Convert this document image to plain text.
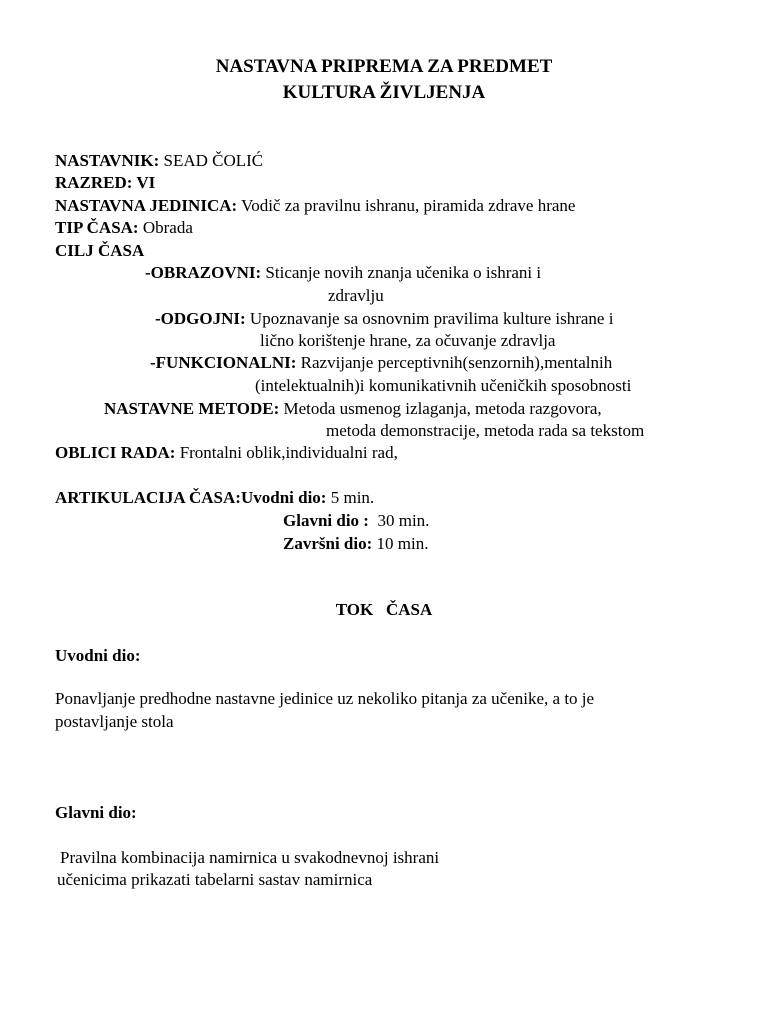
NASTAVNA PRIPREMA ZA PREDMET
KULTURA ŽIVLJENJA
NASTAVNIK: SEAD ČOLIĆ
RAZRED: VI
NASTAVNA JEDINICA: Vodič za pravilnu ishranu, piramida zdrave hrane
TIP ČASA: Obrada
CILJ ČASA
-OBRAZOVNI: Sticanje novih znanja učenika o ishrani i
zdravlju
-ODGOJNI: Upoznavanje sa osnovnim pravilima kulture ishrane i
lično korištenje hrane, za očuvanje zdravlja
-FUNKCIONALNI: Razvijanje perceptivnih(senzornih),mentalnih
(intelektualnih)i komunikativnih učeničkih sposobnosti
NASTAVNE METODE: Metoda usmenog izlaganja, metoda razgovora,
metoda demonstracije, metoda rada sa tekstom
OBLICI RADA: Frontalni oblik,individualni rad,
ARTIKULACIJA ČASA:Uvodni dio: 5 min.
Glavni dio : 30 min.
Završni dio: 10 min.
TOK   ČASA
Uvodni dio:
Ponavljanje predhodne nastavne jedinice uz nekoliko pitanja za učenike, a to je
postavljanje stola
Glavni dio:
Pravilna kombinacija namirnica u svakodnevnoj ishrani
učenicima prikazati tabelarni sastav namirnica
